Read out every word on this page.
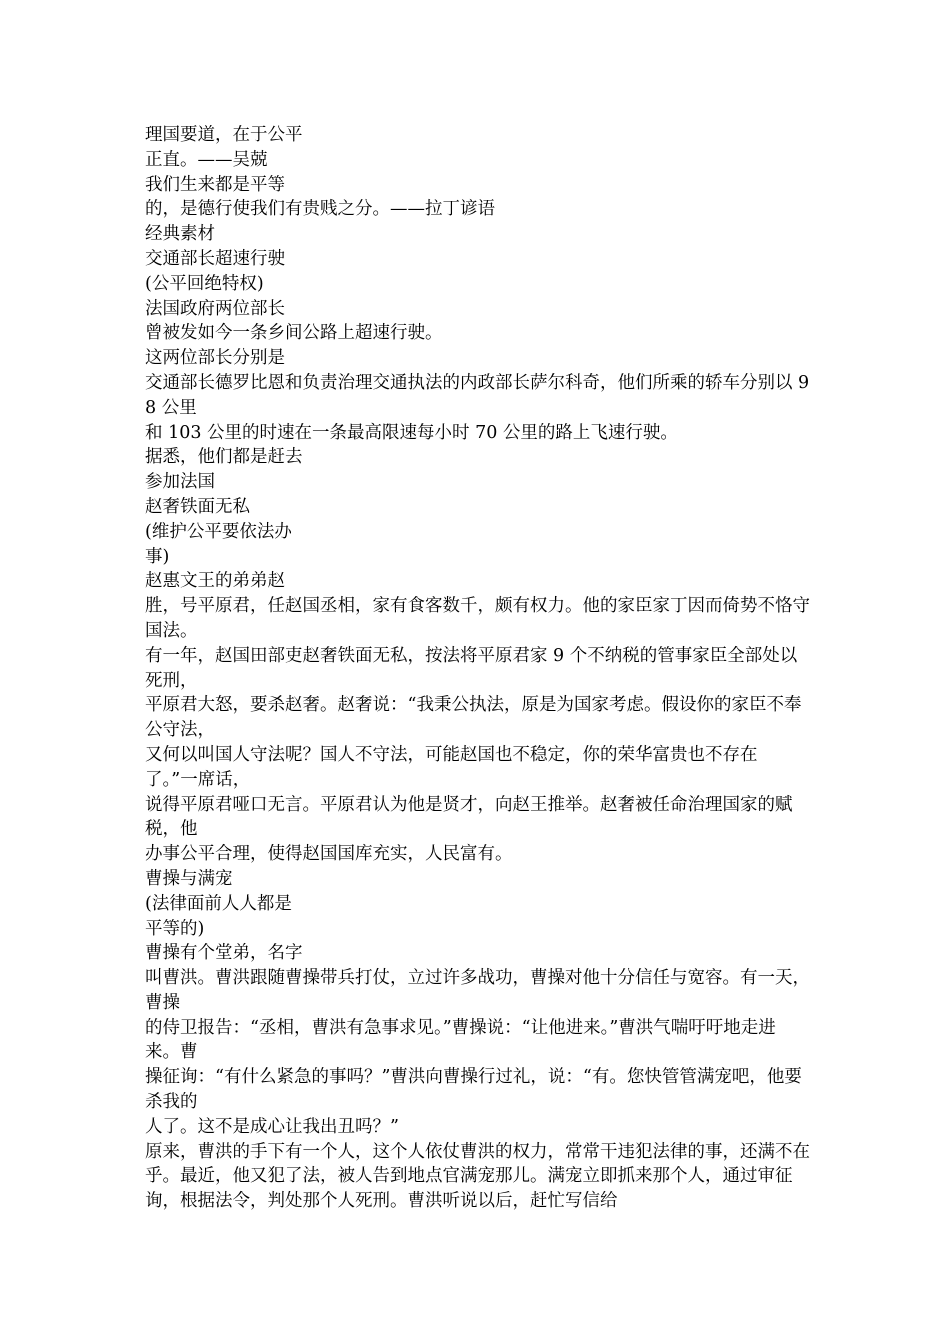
理国要道，在于公平

正直。——吴兢

我们生来都是平等

的，是德行使我们有贵贱之分。——拉丁谚语

经典素材

交通部长超速行驶

(公平回绝特权)

法国政府两位部长

曾被发如今一条乡间公路上超速行驶。

这两位部长分别是

交通部长德罗比恩和负责治理交通执法的内政部长萨尔科奇，他们所乘的轿车分别以 98 公里

和 103 公里的时速在一条最高限速每小时 70 公里的路上飞速行驶。

据悉，他们都是赶去

参加法国

赵奢铁面无私

(维护公平要依法办

事)

赵惠文王的弟弟赵

胜，号平原君，任赵国丞相，家有食客数千，颇有权力。他的家臣家丁因而倚势不恪守国法。

有一年，赵国田部吏赵奢铁面无私，按法将平原君家 9 个不纳税的管事家臣全部处以死刑，

平原君大怒，要杀赵奢。赵奢说：“我秉公执法，原是为国家考虑。假设你的家臣不奉公守法，

又何以叫国人守法呢？国人不守法，可能赵国也不稳定，你的荣华富贵也不存在了。”一席话，

说得平原君哑口无言。平原君认为他是贤才，向赵王推举。赵奢被任命治理国家的赋税，他

办事公平合理，使得赵国国库充实，人民富有。

曹操与满宠

(法律面前人人都是

平等的)

曹操有个堂弟，名字

叫曹洪。曹洪跟随曹操带兵打仗，立过许多战功，曹操对他十分信任与宽容。有一天，曹操

的侍卫报告：“丞相，曹洪有急事求见。”曹操说：“让他进来。”曹洪气喘吁吁地走进来。曹

操征询：“有什么紧急的事吗？”曹洪向曹操行过礼，说：“有。您快管管满宠吧，他要杀我的

人了。这不是成心让我出丑吗？”

原来，曹洪的手下有一个人，这个人依仗曹洪的权力，常常干违犯法律的事，还满不在乎。最近，他又犯了法，被人告到地点官满宠那儿。满宠立即抓来那个人，通过审征询，根据法令，判处那个人死刑。曹洪听说以后，赶忙写信给
